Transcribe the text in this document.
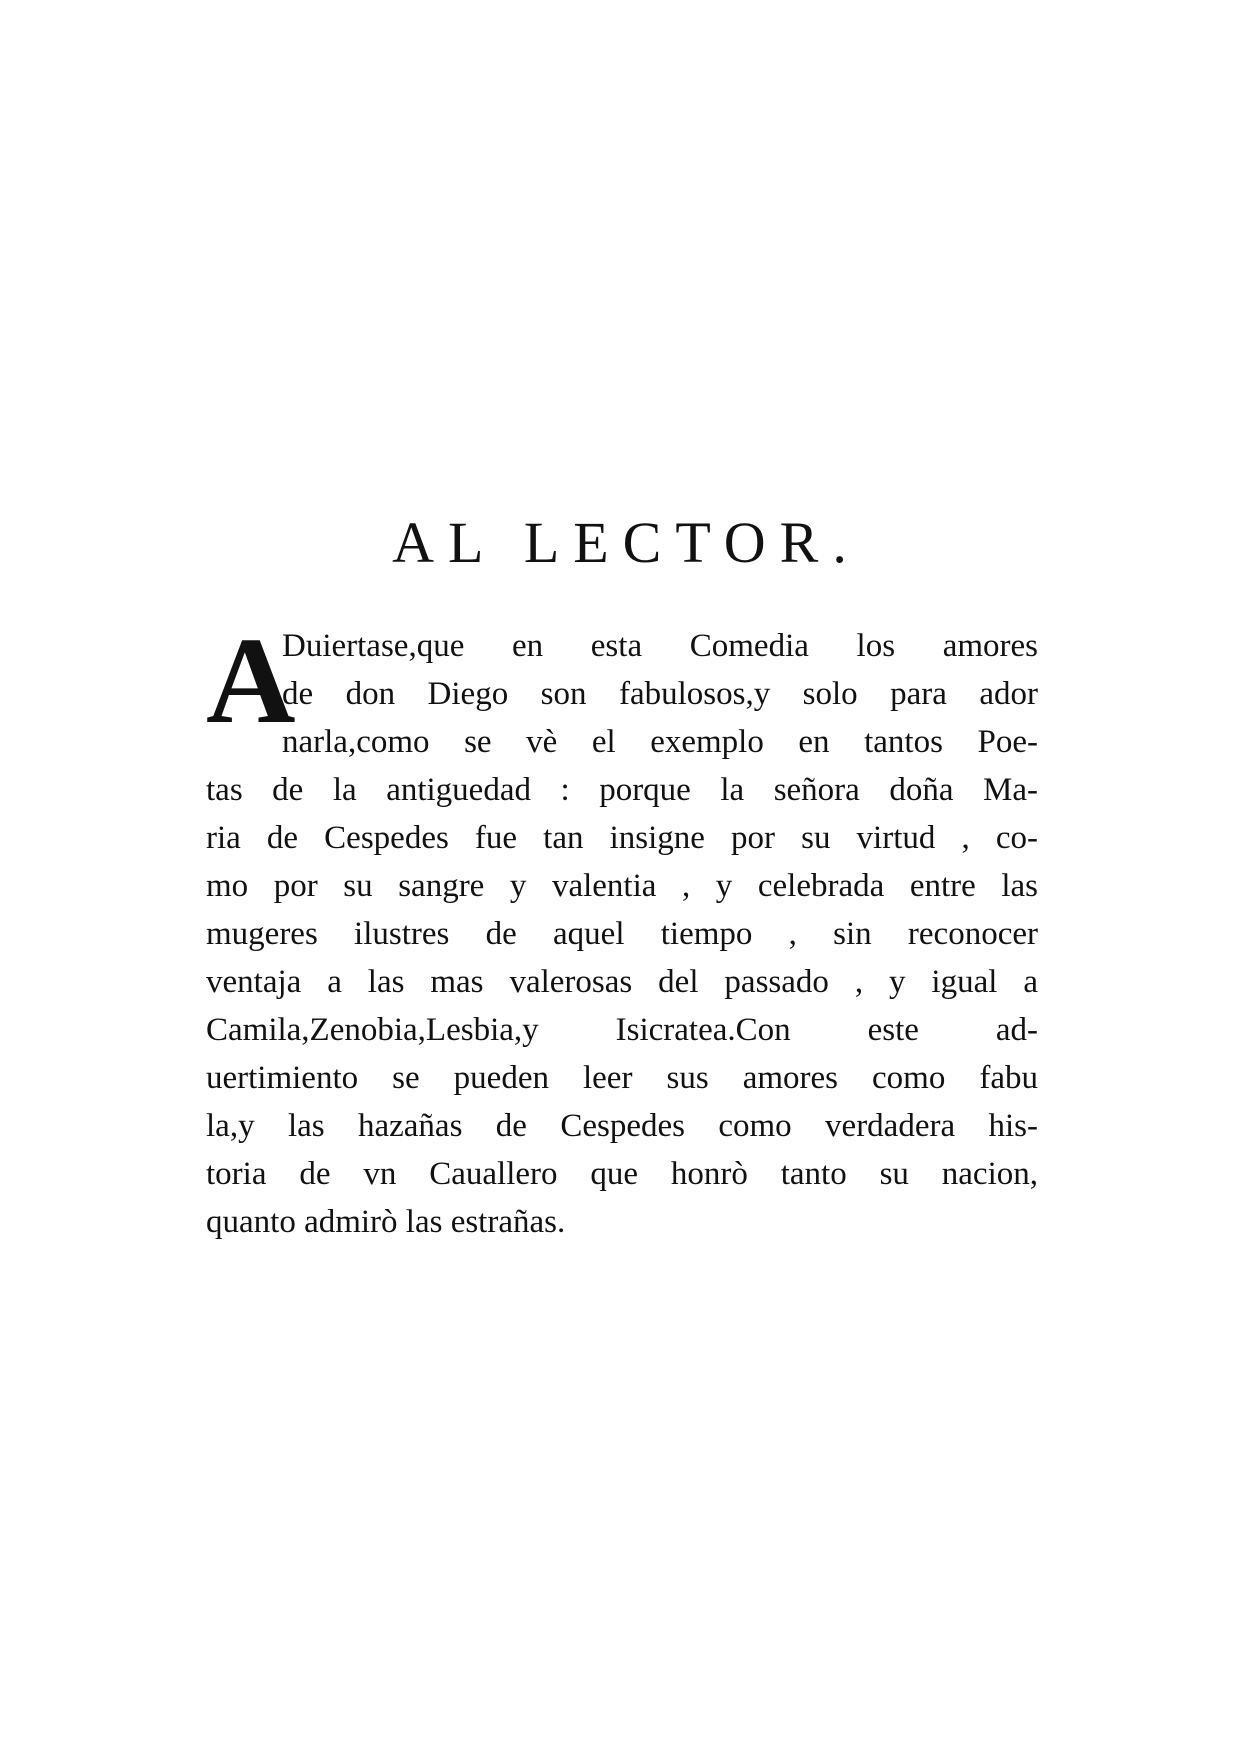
AL LECTOR.
A
Duiertase,que en esta Comedia los amores
de don Diego son fabulosos,y solo para ador
narla,como se vè el exemplo en tantos Poe-
tas de la antiguedad : porque la señora doña Ma-
ria de Cespedes fue tan insigne por su virtud , co-
mo por su sangre y valentia , y celebrada entre las
mugeres ilustres de aquel tiempo , sin reconocer
ventaja a las mas valerosas del passado , y igual a
Camila,Zenobia,Lesbia,y Isicratea.Con este ad-
uertimiento se pueden leer sus amores como fabu
la,y las hazañas de Cespedes como verdadera his-
toria de vn Cauallero que honrò tanto su nacion,
quanto admirò las estrañas.
